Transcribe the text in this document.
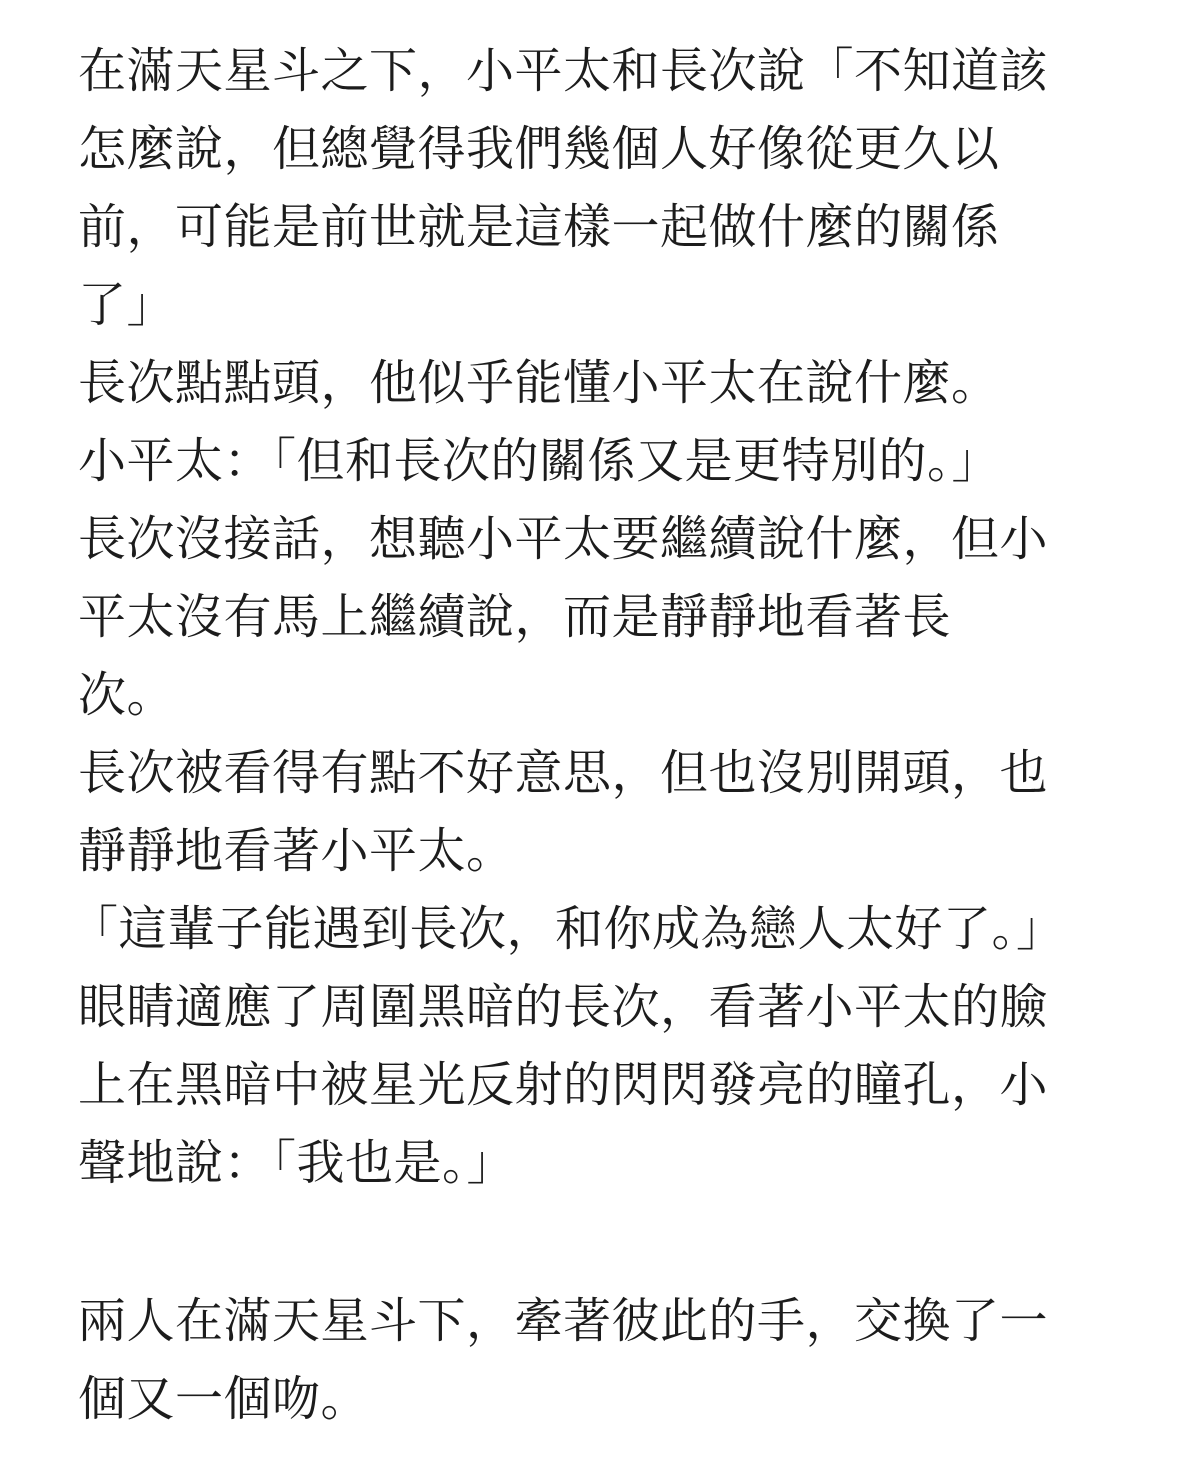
在滿天星斗之下，小平太和長次說「不知道該
怎麼說，但總覺得我們幾個人好像從更久以
前，可能是前世就是這樣一起做什麼的關係
了」
長次點點頭，他似乎能懂小平太在說什麼。
小平太：「但和長次的關係又是更特別的。」
長次沒接話，想聽小平太要繼續說什麼，但小
平太沒有馬上繼續說，而是靜靜地看著長
次。
長次被看得有點不好意思，但也沒別開頭，也
靜靜地看著小平太。
「這輩子能遇到長次，和你成為戀人太好了。」
眼睛適應了周圍黑暗的長次，看著小平太的臉
上在黑暗中被星光反射的閃閃發亮的瞳孔，小
聲地說：「我也是。」
兩人在滿天星斗下，牽著彼此的手，交換了一
個又一個吻。
